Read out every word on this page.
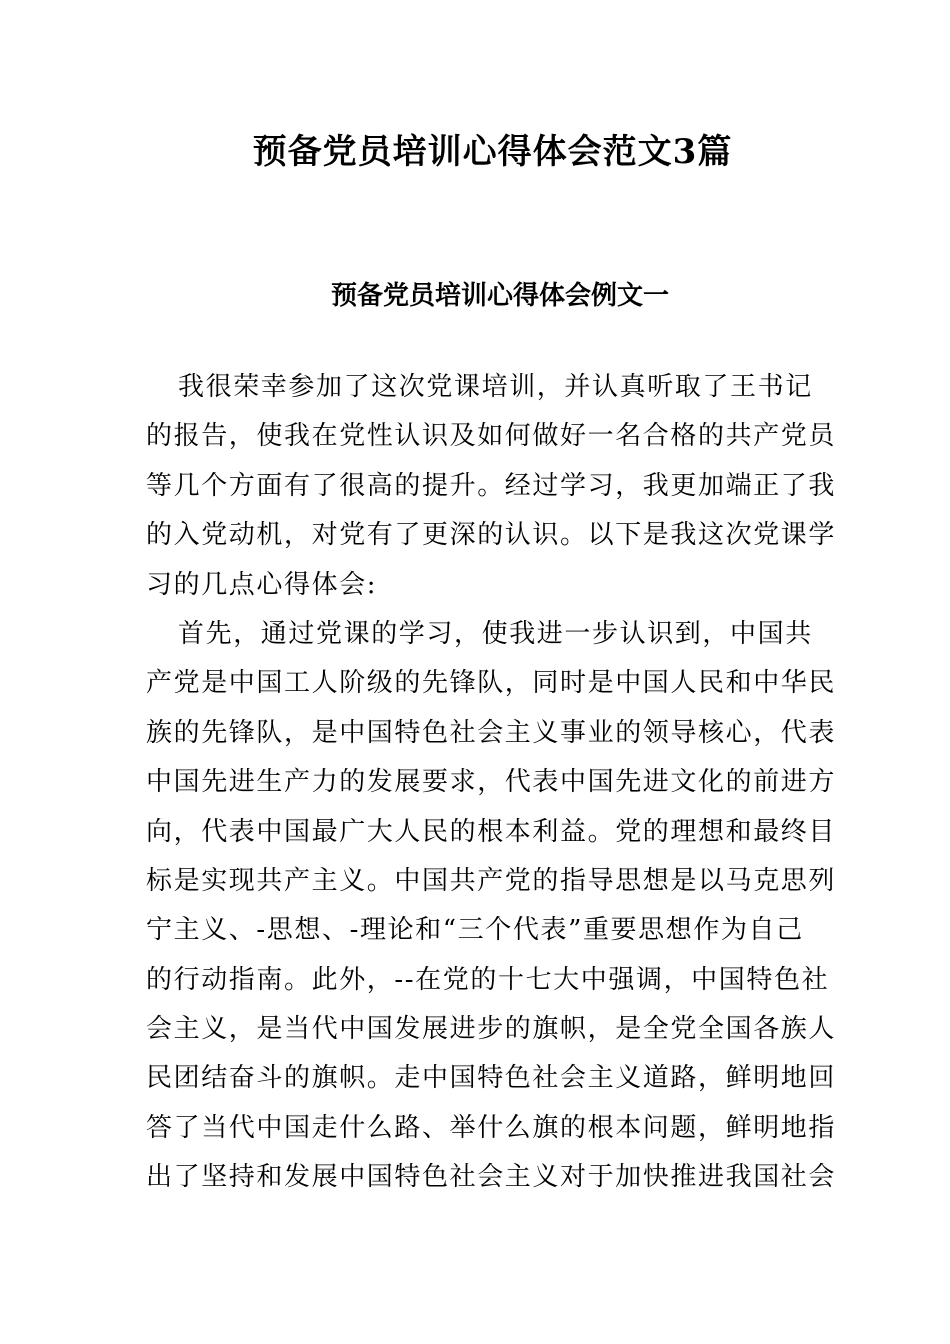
预备党员培训心得体会范文3篇
预备党员培训心得体会例文一
我很荣幸参加了这次党课培训，并认真听取了王书记
的报告，使我在党性认识及如何做好一名合格的共产党员
等几个方面有了很高的提升。经过学习，我更加端正了我
的入党动机，对党有了更深的认识。以下是我这次党课学
习的几点心得体会:
首先，通过党课的学习，使我进一步认识到，中国共
产党是中国工人阶级的先锋队，同时是中国人民和中华民
族的先锋队，是中国特色社会主义事业的领导核心，代表
中国先进生产力的发展要求，代表中国先进文化的前进方
向，代表中国最广大人民的根本利益。党的理想和最终目
标是实现共产主义。中国共产党的指导思想是以马克思列
宁主义、-思想、-理论和“三个代表”重要思想作为自己
的行动指南。此外，--在党的十七大中强调，中国特色社
会主义，是当代中国发展进步的旗帜，是全党全国各族人
民团结奋斗的旗帜。走中国特色社会主义道路，鲜明地回
答了当代中国走什么路、举什么旗的根本问题，鲜明地指
出了坚持和发展中国特色社会主义对于加快推进我国社会
